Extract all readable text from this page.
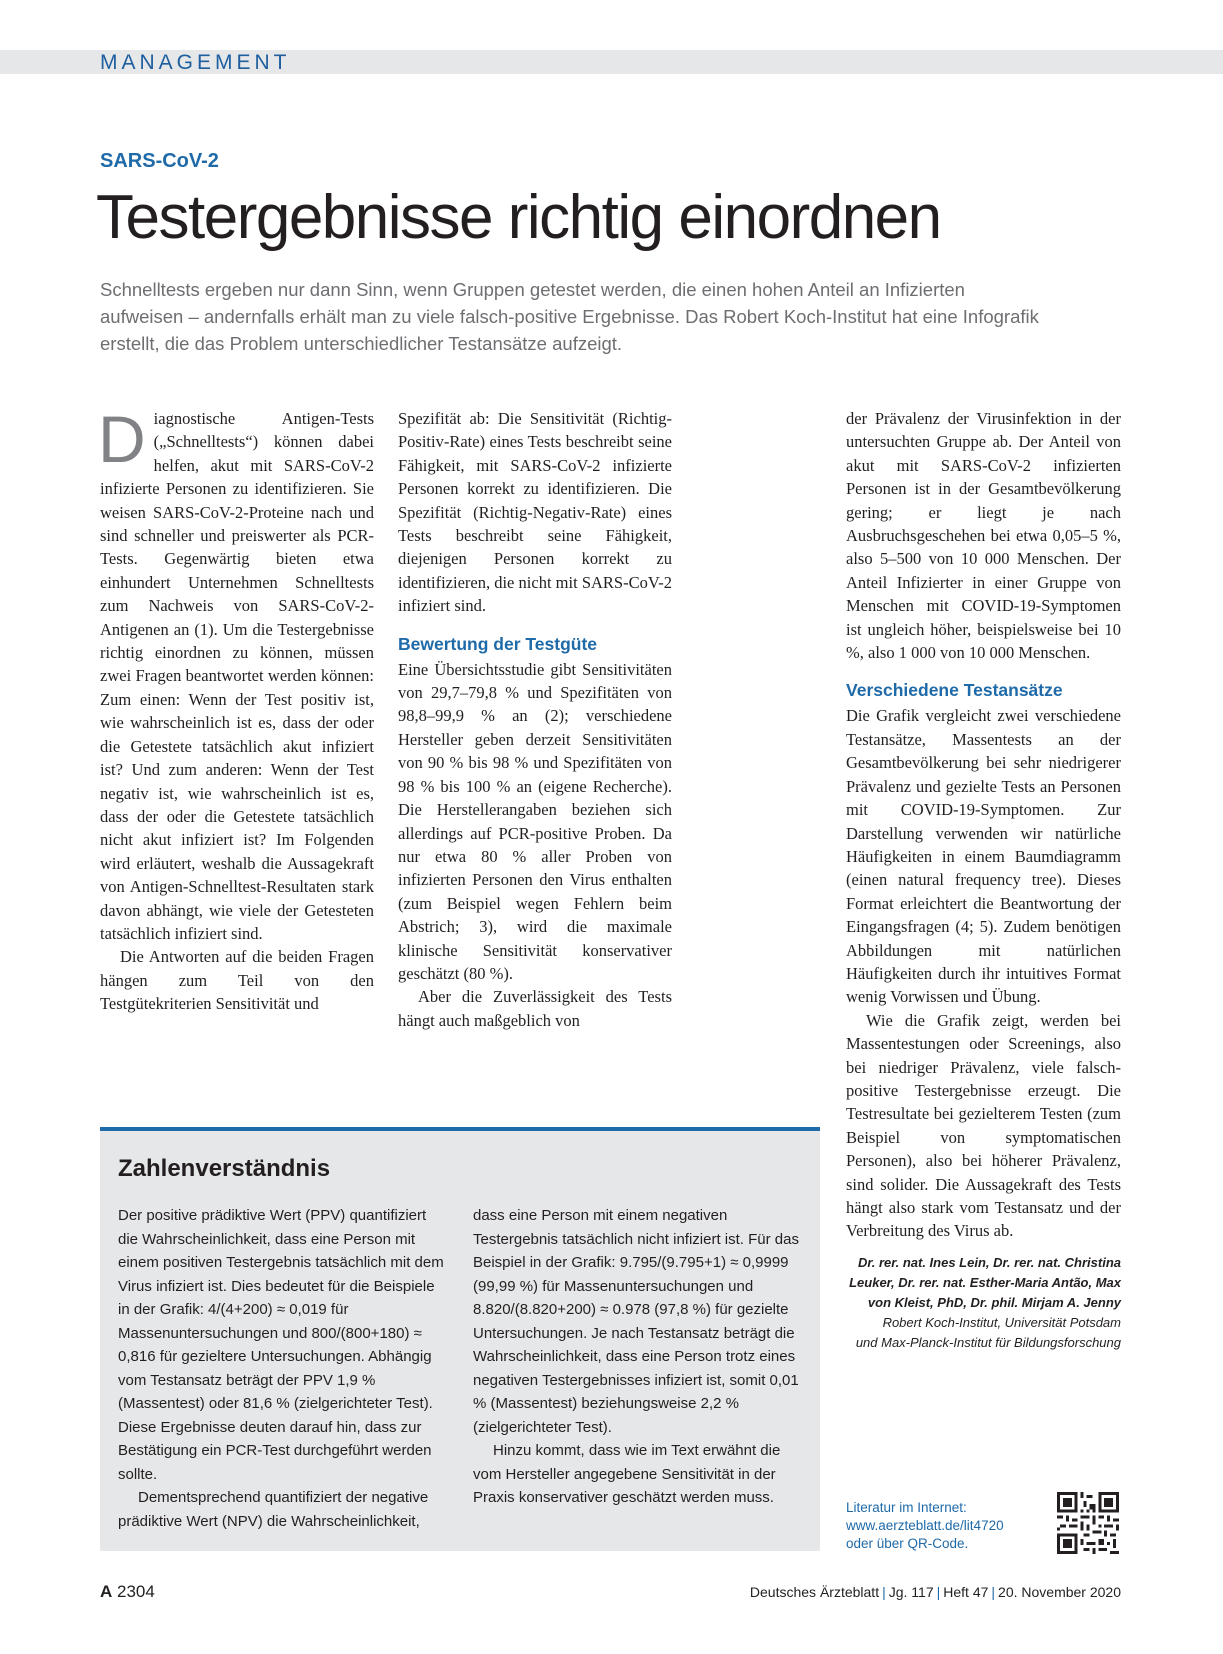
MANAGEMENT
SARS-CoV-2
Testergebnisse richtig einordnen
Schnelltests ergeben nur dann Sinn, wenn Gruppen getestet werden, die einen hohen Anteil an Infizierten aufweisen – andernfalls erhält man zu viele falsch-positive Ergebnisse. Das Robert Koch-Institut hat eine Infografik erstellt, die das Problem unterschiedlicher Testansätze aufzeigt.

Diagnostische Antigen-Tests („Schnelltests“) können dabei helfen, akut mit SARS-CoV-2 infizierte Personen zu identifizieren. Sie weisen SARS-CoV-2-Proteine nach und sind schneller und preiswerter als PCR-Tests. Gegenwärtig bieten etwa einhundert Unternehmen Schnelltests zum Nachweis von SARS-CoV-2-Antigenen an (1). Um die Testergebnisse richtig einordnen zu können, müssen zwei Fragen beantwortet werden können: Zum einen: Wenn der Test positiv ist, wie wahrscheinlich ist es, dass der oder die Getestete tatsächlich akut infiziert ist? Und zum anderen: Wenn der Test negativ ist, wie wahrscheinlich ist es, dass der oder die Getestete tatsächlich nicht akut infiziert ist? Im Folgenden wird erläutert, weshalb die Aussagekraft von Antigen-Schnelltest-Resultaten stark davon abhängt, wie viele der Getesteten tatsächlich infiziert sind.

Die Antworten auf die beiden Fragen hängen zum Teil von den Testgütekriterien Sensitivität und

Spezifität ab: Die Sensitivität (Richtig-Positiv-Rate) eines Tests beschreibt seine Fähigkeit, mit SARS-CoV-2 infizierte Personen korrekt zu identifizieren. Die Spezifität (Richtig-Negativ-Rate) eines Tests beschreibt seine Fähigkeit, diejenigen Personen korrekt zu identifizieren, die nicht mit SARS-CoV-2 infiziert sind.

Bewertung der Testgüte

Eine Übersichtsstudie gibt Sensitivitäten von 29,7–79,8 % und Spezifitäten von 98,8–99,9 % an (2); verschiedene Hersteller geben derzeit Sensitivitäten von 90 % bis 98 % und Spezifitäten von 98 % bis 100 % an (eigene Recherche). Die Herstellerangaben beziehen sich allerdings auf PCR-positive Proben. Da nur etwa 80 % aller Proben von infizierten Personen den Virus enthalten (zum Beispiel wegen Fehlern beim Abstrich; 3), wird die maximale klinische Sensitivität konservativer geschätzt (80 %).

Aber die Zuverlässigkeit des Tests hängt auch maßgeblich von

der Prävalenz der Virusinfektion in der untersuchten Gruppe ab. Der Anteil von akut mit SARS-CoV-2 infizierten Personen ist in der Gesamtbevölkerung gering; er liegt je nach Ausbruchsgeschehen bei etwa 0,05–5 %, also 5–500 von 10 000 Menschen. Der Anteil Infizierter in einer Gruppe von Menschen mit COVID-19-Symptomen ist ungleich höher, beispielsweise bei 10 %, also 1 000 von 10 000 Menschen.

Verschiedene Testansätze

Die Grafik vergleicht zwei verschiedene Testansätze, Massentests an der Gesamtbevölkerung bei sehr niedrigerer Prävalenz und gezielte Tests an Personen mit COVID-19-Symptomen. Zur Darstellung verwenden wir natürliche Häufigkeiten in einem Baumdiagramm (einen natural frequency tree). Dieses Format erleichtert die Beantwortung der Eingangsfragen (4; 5). Zudem benötigen Abbildungen mit natürlichen Häufigkeiten durch ihr intuitives Format wenig Vorwissen und Übung.

Wie die Grafik zeigt, werden bei Massentestungen oder Screenings, also bei niedriger Prävalenz, viele falsch-positive Testergebnisse erzeugt. Die Testresultate bei gezielterem Testen (zum Beispiel von symptomatischen Personen), also bei höherer Prävalenz, sind solider. Die Aussagekraft des Tests hängt also stark vom Testansatz und der Verbreitung des Virus ab.

Dr. rer. nat. Ines Lein, Dr. rer. nat. Christina Leuker, Dr. rer. nat. Esther-Maria Antão, Max von Kleist, PhD, Dr. phil. Mirjam A. Jenny
Robert Koch-Institut, Universität Potsdam
und Max-Planck-Institut für Bildungsforschung
Zahlenverständnis

Der positive prädiktive Wert (PPV) quantifiziert die Wahrscheinlichkeit, dass eine Person mit einem positiven Testergebnis tatsächlich mit dem Virus infiziert ist. Dies bedeutet für die Beispiele in der Grafik: 4/(4+200) ≈ 0,019 für Massenuntersuchungen und 800/(800+180) ≈ 0,816 für gezieltere Untersuchungen. Abhängig vom Testansatz beträgt der PPV 1,9 % (Massentest) oder 81,6 % (zielgerichteter Test). Diese Ergebnisse deuten darauf hin, dass zur Bestätigung ein PCR-Test durchgeführt werden sollte.

Dementsprechend quantifiziert der negative prädiktive Wert (NPV) die Wahrscheinlichkeit,

dass eine Person mit einem negativen Testergebnis tatsächlich nicht infiziert ist. Für das Beispiel in der Grafik: 9.795/(9.795+1) ≈ 0,9999 (99,99 %) für Massenuntersuchungen und 8.820/(8.820+200) ≈ 0.978 (97,8 %) für gezielte Untersuchungen. Je nach Testansatz beträgt die Wahrscheinlichkeit, dass eine Person trotz eines negativen Testergebnisses infiziert ist, somit 0,01 % (Massentest) beziehungsweise 2,2 % (zielgerichteter Test).

Hinzu kommt, dass wie im Text erwähnt die vom Hersteller angegebene Sensitivität in der Praxis konservativer geschätzt werden muss.

Literatur im Internet:
www.aerzteblatt.de/lit4720
oder über QR-Code.
A 2304	Deutsches Ärzteblatt | Jg. 117 | Heft 47 | 20. November 2020
